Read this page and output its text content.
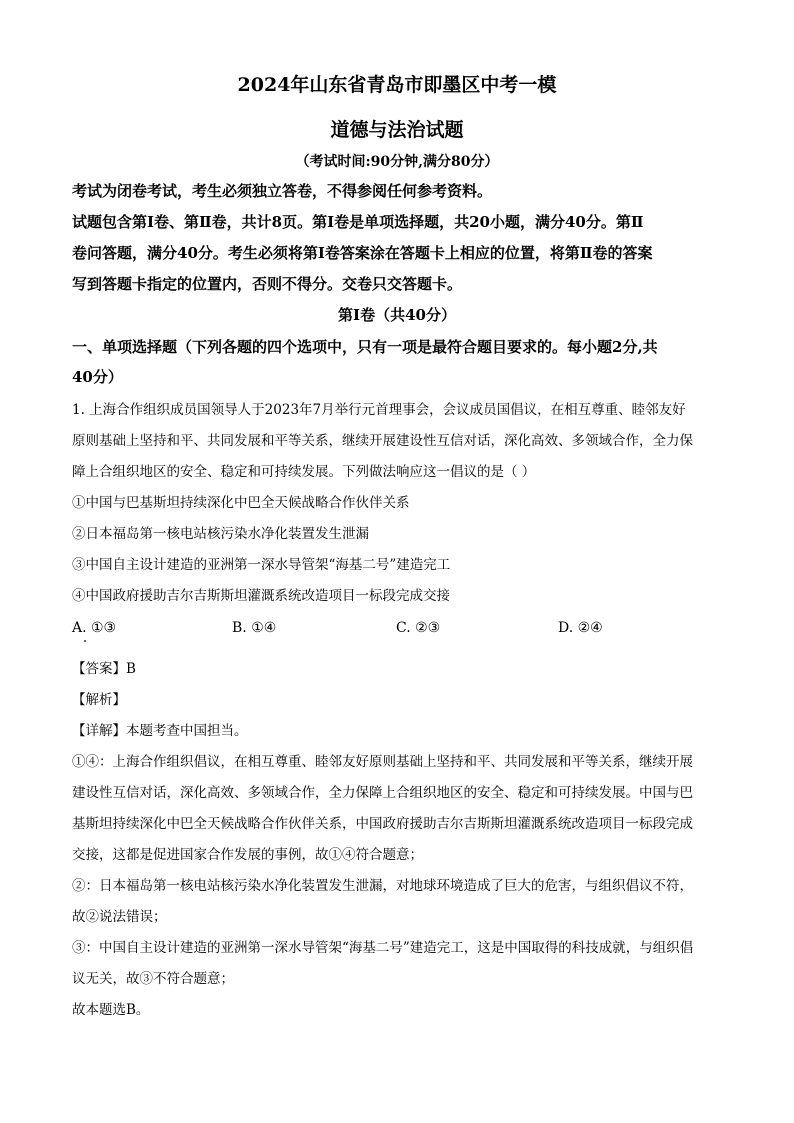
2024年山东省青岛市即墨区中考一模
道德与法治试题
（考试时间:90分钟,满分80分）
考试为闭卷考试，考生必须独立答卷，不得参阅任何参考资料。
试题包含第Ⅰ卷、第Ⅱ卷，共计8页。第Ⅰ卷是单项选择题，共20小题，满分40分。第Ⅱ
卷问答题，满分40分。考生必须将第Ⅰ卷答案涂在答题卡上相应的位置，将第Ⅱ卷的答案
写到答题卡指定的位置内，否则不得分。交卷只交答题卡。
第Ⅰ卷（共40分）
一、单项选择题（下列各题的四个选项中，只有一项是最符合题目要求的。每小题2分,共
40分）
1. 上海合作组织成员国领导人于2023年7月举行元首理事会，会议成员国倡议，在相互尊重、睦邻友好
原则基础上坚持和平、共同发展和平等关系，继续开展建设性互信对话，深化高效、多领域合作，全力保
障上合组织地区的安全、稳定和可持续发展。下列做法响应这一倡议的是（ ）
①中国与巴基斯坦持续深化中巴全天候战略合作伙伴关系
②日本福岛第一核电站核污染水净化装置发生泄漏
③中国自主设计建造的亚洲第一深水导管架“海基二号”建造完工
④中国政府援助吉尔吉斯斯坦灌溉系统改造项目一标段完成交接
A. ①③	B. ①④	C. ②③	D. ②④
【答案】B
【解析】
【详解】本题考查中国担当。
①④：上海合作组织倡议，在相互尊重、睦邻友好原则基础上坚持和平、共同发展和平等关系，继续开展
建设性互信对话，深化高效、多领域合作，全力保障上合组织地区的安全、稳定和可持续发展。中国与巴
基斯坦持续深化中巴全天候战略合作伙伴关系，中国政府援助吉尔吉斯斯坦灌溉系统改造项目一标段完成
交接，这都是促进国家合作发展的事例，故①④符合题意；
②：日本福岛第一核电站核污染水净化装置发生泄漏，对地球环境造成了巨大的危害，与组织倡议不符，
故②说法错误；
③：中国自主设计建造的亚洲第一深水导管架“海基二号”建造完工，这是中国取得的科技成就，与组织倡
议无关，故③不符合题意；
故本题选B。
